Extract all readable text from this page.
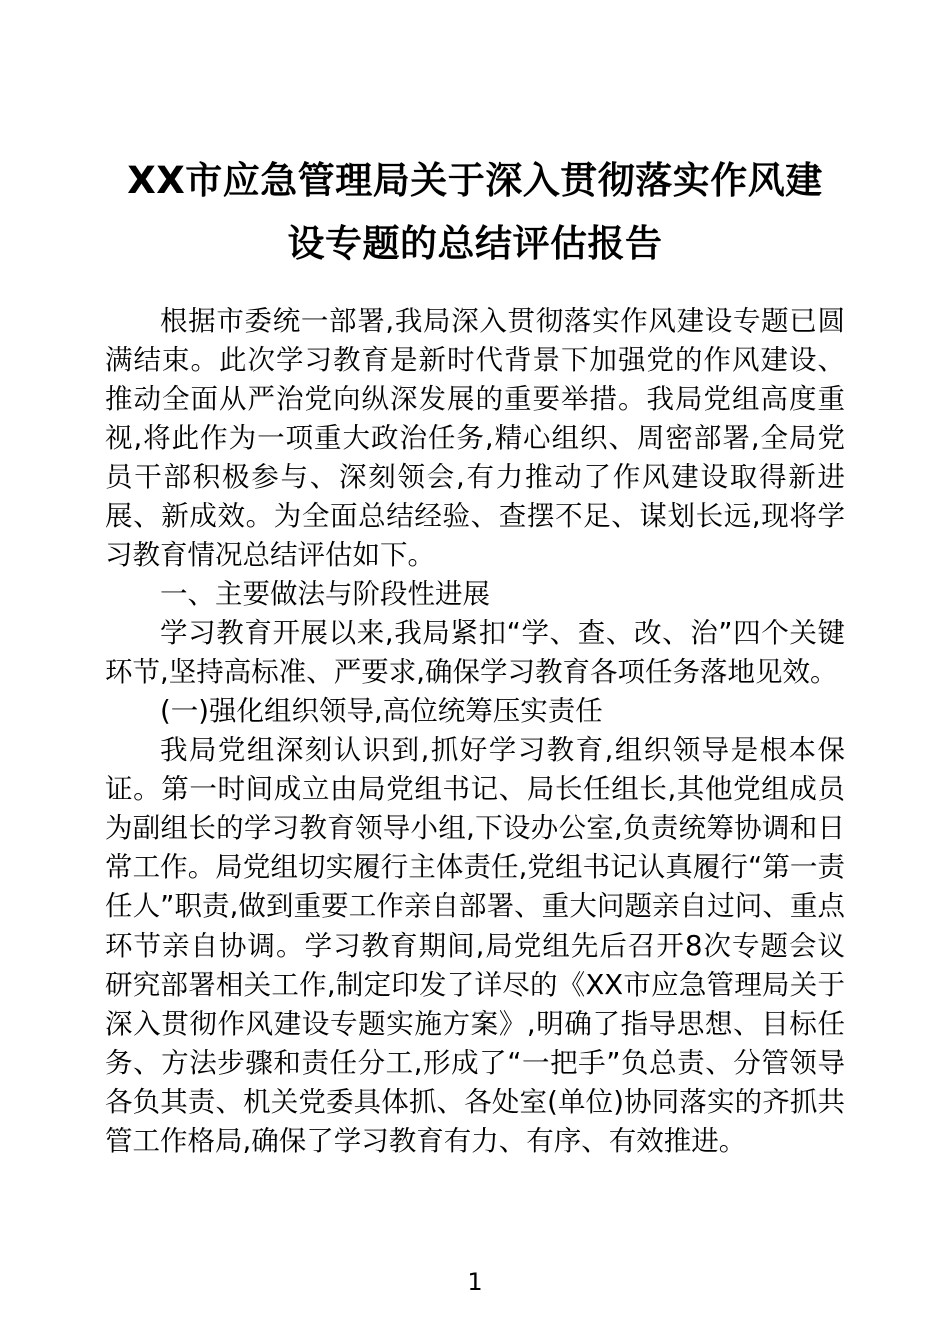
XX市应急管理局关于深入贯彻落实作风建设专题的总结评估报告

根据市委统一部署,我局深入贯彻落实作风建设专题已圆满结束。此次学习教育是新时代背景下加强党的作风建设、推动全面从严治党向纵深发展的重要举措。我局党组高度重视,将此作为一项重大政治任务,精心组织、周密部署,全局党员干部积极参与、深刻领会,有力推动了作风建设取得新进展、新成效。为全面总结经验、查摆不足、谋划长远,现将学习教育情况总结评估如下。

一、主要做法与阶段性进展

学习教育开展以来,我局紧扣“学、查、改、治”四个关键环节,坚持高标准、严要求,确保学习教育各项任务落地见效。

(一)强化组织领导,高位统筹压实责任

我局党组深刻认识到,抓好学习教育,组织领导是根本保证。第一时间成立由局党组书记、局长任组长,其他党组成员为副组长的学习教育领导小组,下设办公室,负责统筹协调和日常工作。局党组切实履行主体责任,党组书记认真履行“第一责任人”职责,做到重要工作亲自部署、重大问题亲自过问、重点环节亲自协调。学习教育期间,局党组先后召开8次专题会议研究部署相关工作,制定印发了详尽的《XX市应急管理局关于深入贯彻作风建设专题实施方案》,明确了指导思想、目标任务、方法步骤和责任分工,形成了“一把手”负总责、分管领导各负其责、机关党委具体抓、各处室(单位)协同落实的齐抓共管工作格局,确保了学习教育有力、有序、有效推进。

1
